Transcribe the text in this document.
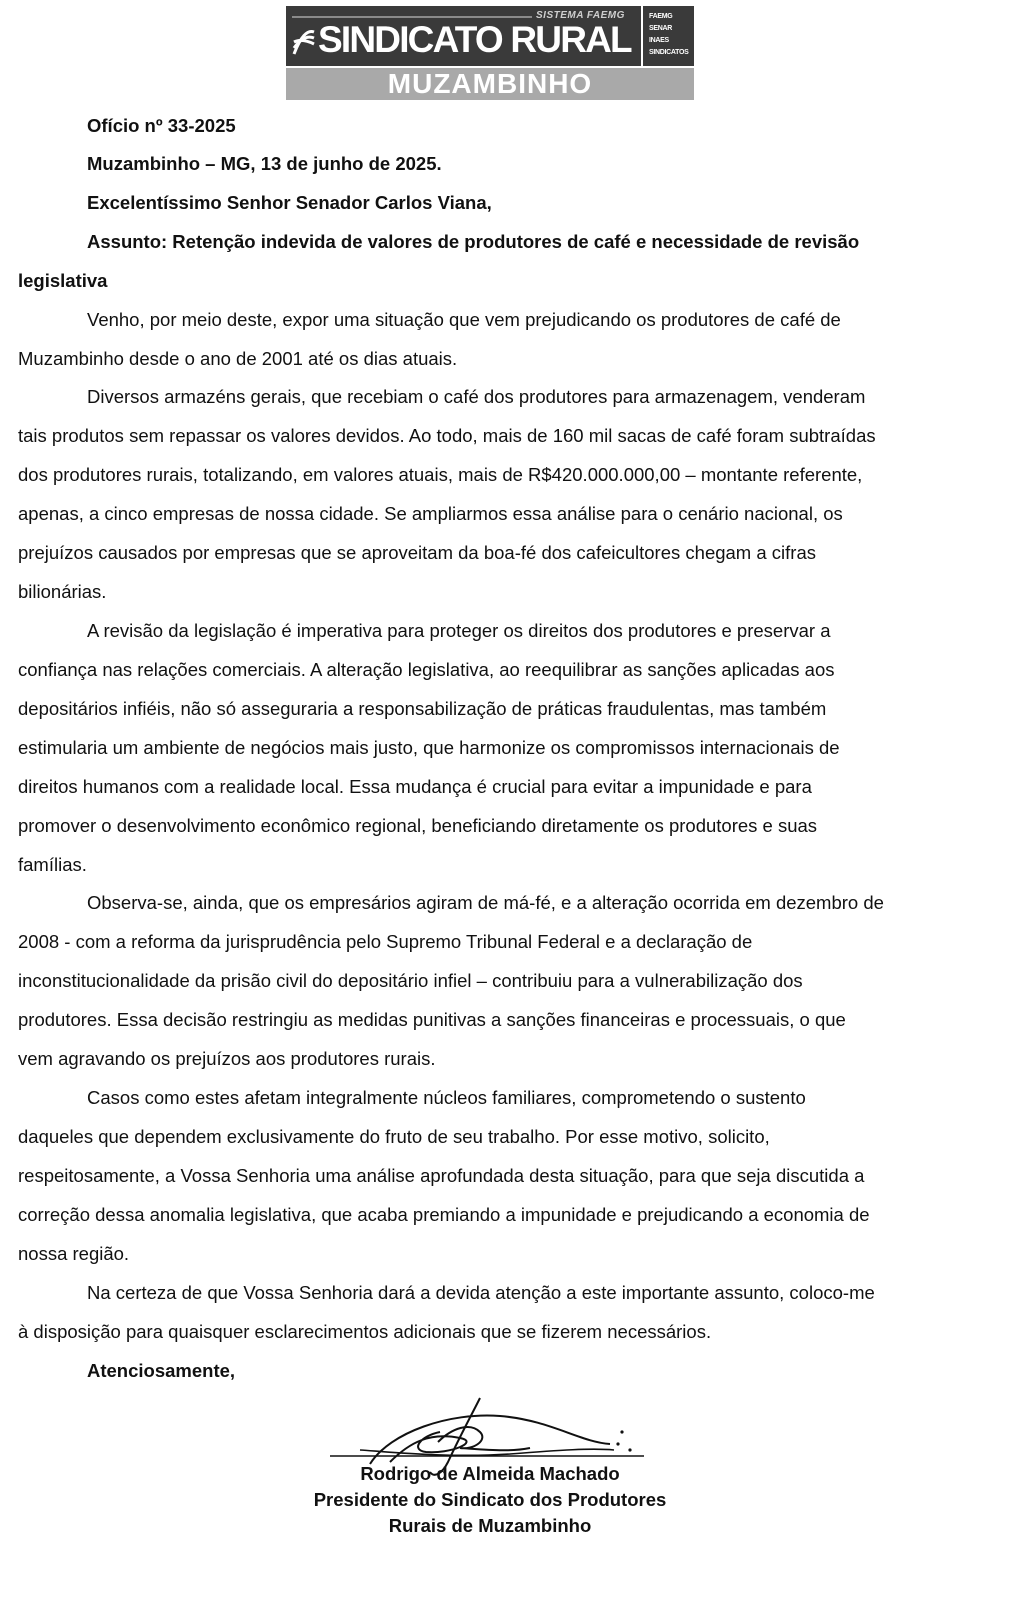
SISTEMA FAEMG
SINDICATO RURAL
FAEMG
SENAR
INAES
SINDICATOS
MUZAMBINHO
Ofício nº 33-2025
Muzambinho – MG, 13 de junho de 2025.
Excelentíssimo Senhor Senador Carlos Viana,
Assunto: Retenção indevida de valores de produtores de café e necessidade de revisão
legislativa
Venho, por meio deste, expor uma situação que vem prejudicando os produtores de café de
Muzambinho desde o ano de 2001 até os dias atuais.
Diversos armazéns gerais, que recebiam o café dos produtores para armazenagem, venderam
tais produtos sem repassar os valores devidos. Ao todo, mais de 160 mil sacas de café foram subtraídas
dos produtores rurais, totalizando, em valores atuais, mais de R$420.000.000,00 – montante referente,
apenas, a cinco empresas de nossa cidade. Se ampliarmos essa análise para o cenário nacional, os
prejuízos causados por empresas que se aproveitam da boa-fé dos cafeicultores chegam a cifras
bilionárias.
A revisão da legislação é imperativa para proteger os direitos dos produtores e preservar a
confiança nas relações comerciais. A alteração legislativa, ao reequilibrar as sanções aplicadas aos
depositários infiéis, não só asseguraria a responsabilização de práticas fraudulentas, mas também
estimularia um ambiente de negócios mais justo, que harmonize os compromissos internacionais de
direitos humanos com a realidade local. Essa mudança é crucial para evitar a impunidade e para
promover o desenvolvimento econômico regional, beneficiando diretamente os produtores e suas
famílias.
Observa-se, ainda, que os empresários agiram de má-fé, e a alteração ocorrida em dezembro de
2008 - com a reforma da jurisprudência pelo Supremo Tribunal Federal e a declaração de
inconstitucionalidade da prisão civil do depositário infiel – contribuiu para a vulnerabilização dos
produtores. Essa decisão restringiu as medidas punitivas a sanções financeiras e processuais, o que
vem agravando os prejuízos aos produtores rurais.
Casos como estes afetam integralmente núcleos familiares, comprometendo o sustento
daqueles que dependem exclusivamente do fruto de seu trabalho. Por esse motivo, solicito,
respeitosamente, a Vossa Senhoria uma análise aprofundada desta situação, para que seja discutida a
correção dessa anomalia legislativa, que acaba premiando a impunidade e prejudicando a economia de
nossa região.
Na certeza de que Vossa Senhoria dará a devida atenção a este importante assunto, coloco-me
à disposição para quaisquer esclarecimentos adicionais que se fizerem necessários.
Atenciosamente,
Rodrigo de Almeida Machado
Presidente do Sindicato dos Produtores
Rurais de Muzambinho
